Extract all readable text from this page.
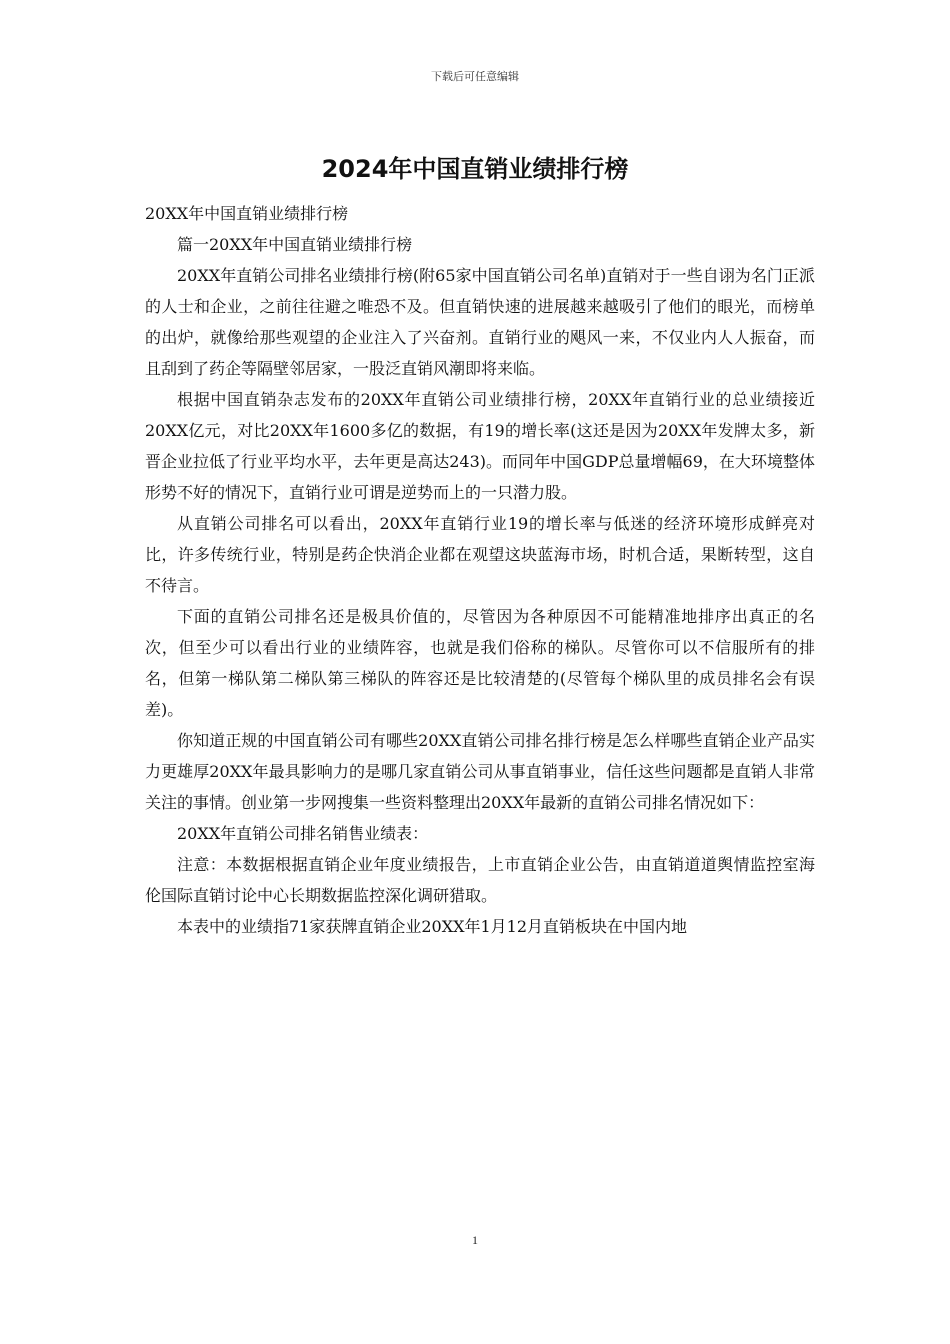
下载后可任意编辑
2024年中国直销业绩排行榜

20XX年中国直销业绩排行榜

篇一20XX年中国直销业绩排行榜

20XX年直销公司排名业绩排行榜(附65家中国直销公司名单)直销对于一些自诩为名门正派的人士和企业，之前往往避之唯恐不及。但直销快速的进展越来越吸引了他们的眼光，而榜单的出炉，就像给那些观望的企业注入了兴奋剂。直销行业的飓风一来，不仅业内人人振奋，而且刮到了药企等隔壁邻居家，一股泛直销风潮即将来临。

根据中国直销杂志发布的20XX年直销公司业绩排行榜，20XX年直销行业的总业绩接近20XX亿元，对比20XX年1600多亿的数据，有19的增长率(这还是因为20XX年发牌太多，新晋企业拉低了行业平均水平，去年更是高达243)。而同年中国GDP总量增幅69，在大环境整体形势不好的情况下，直销行业可谓是逆势而上的一只潜力股。

从直销公司排名可以看出，20XX年直销行业19的增长率与低迷的经济环境形成鲜亮对比，许多传统行业，特别是药企快消企业都在观望这块蓝海市场，时机合适，果断转型，这自不待言。

下面的直销公司排名还是极具价值的，尽管因为各种原因不可能精准地排序出真正的名次，但至少可以看出行业的业绩阵容，也就是我们俗称的梯队。尽管你可以不信服所有的排名，但第一梯队第二梯队第三梯队的阵容还是比较清楚的(尽管每个梯队里的成员排名会有误差)。

你知道正规的中国直销公司有哪些20XX直销公司排名排行榜是怎么样哪些直销企业产品实力更雄厚20XX年最具影响力的是哪几家直销公司从事直销事业，信任这些问题都是直销人非常关注的事情。创业第一步网搜集一些资料整理出20XX年最新的直销公司排名情况如下：

20XX年直销公司排名销售业绩表：

注意：本数据根据直销企业年度业绩报告，上市直销企业公告，由直销道道舆情监控室海伦国际直销讨论中心长期数据监控深化调研猎取。

本表中的业绩指71家获牌直销企业20XX年1月12月直销板块在中国内地

1
